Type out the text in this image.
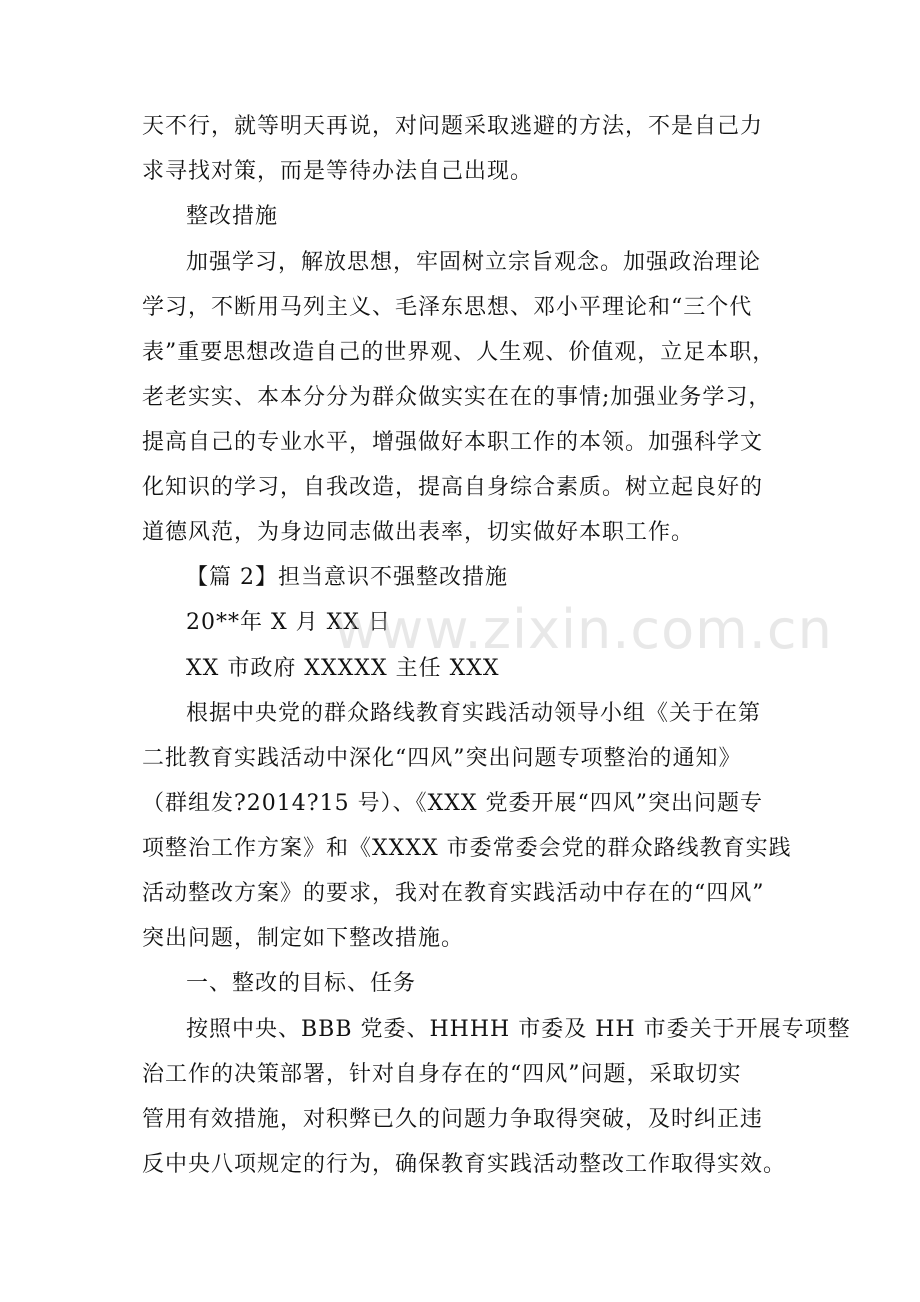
天不行，就等明天再说，对问题采取逃避的方法，不是自己力
求寻找对策，而是等待办法自己出现。
整改措施
加强学习，解放思想，牢固树立宗旨观念。加强政治理论
学习，不断用马列主义、毛泽东思想、邓小平理论和“三个代
表”重要思想改造自己的世界观、人生观、价值观，立足本职，
老老实实、本本分分为群众做实实在在的事情;加强业务学习，
提高自己的专业水平，增强做好本职工作的本领。加强科学文
化知识的学习，自我改造，提高自身综合素质。树立起良好的
道德风范，为身边同志做出表率，切实做好本职工作。
【篇 2】担当意识不强整改措施
20**年 X 月 XX 日
XX 市政府 XXXXX 主任 XXX
根据中央党的群众路线教育实践活动领导小组《关于在第
二批教育实践活动中深化“四风”突出问题专项整治的通知》
（群组发?2014?15 号）、《XXX 党委开展“四风”突出问题专
项整治工作方案》和《XXXX 市委常委会党的群众路线教育实践
活动整改方案》的要求，我对在教育实践活动中存在的“四风”
突出问题，制定如下整改措施。
一、整改的目标、任务
按照中央、BBB 党委、HHHH 市委及 HH 市委关于开展专项整
治工作的决策部署，针对自身存在的“四风”问题，采取切实
管用有效措施，对积弊已久的问题力争取得突破，及时纠正违
反中央八项规定的行为，确保教育实践活动整改工作取得实效。
www.zixin.com.cn
